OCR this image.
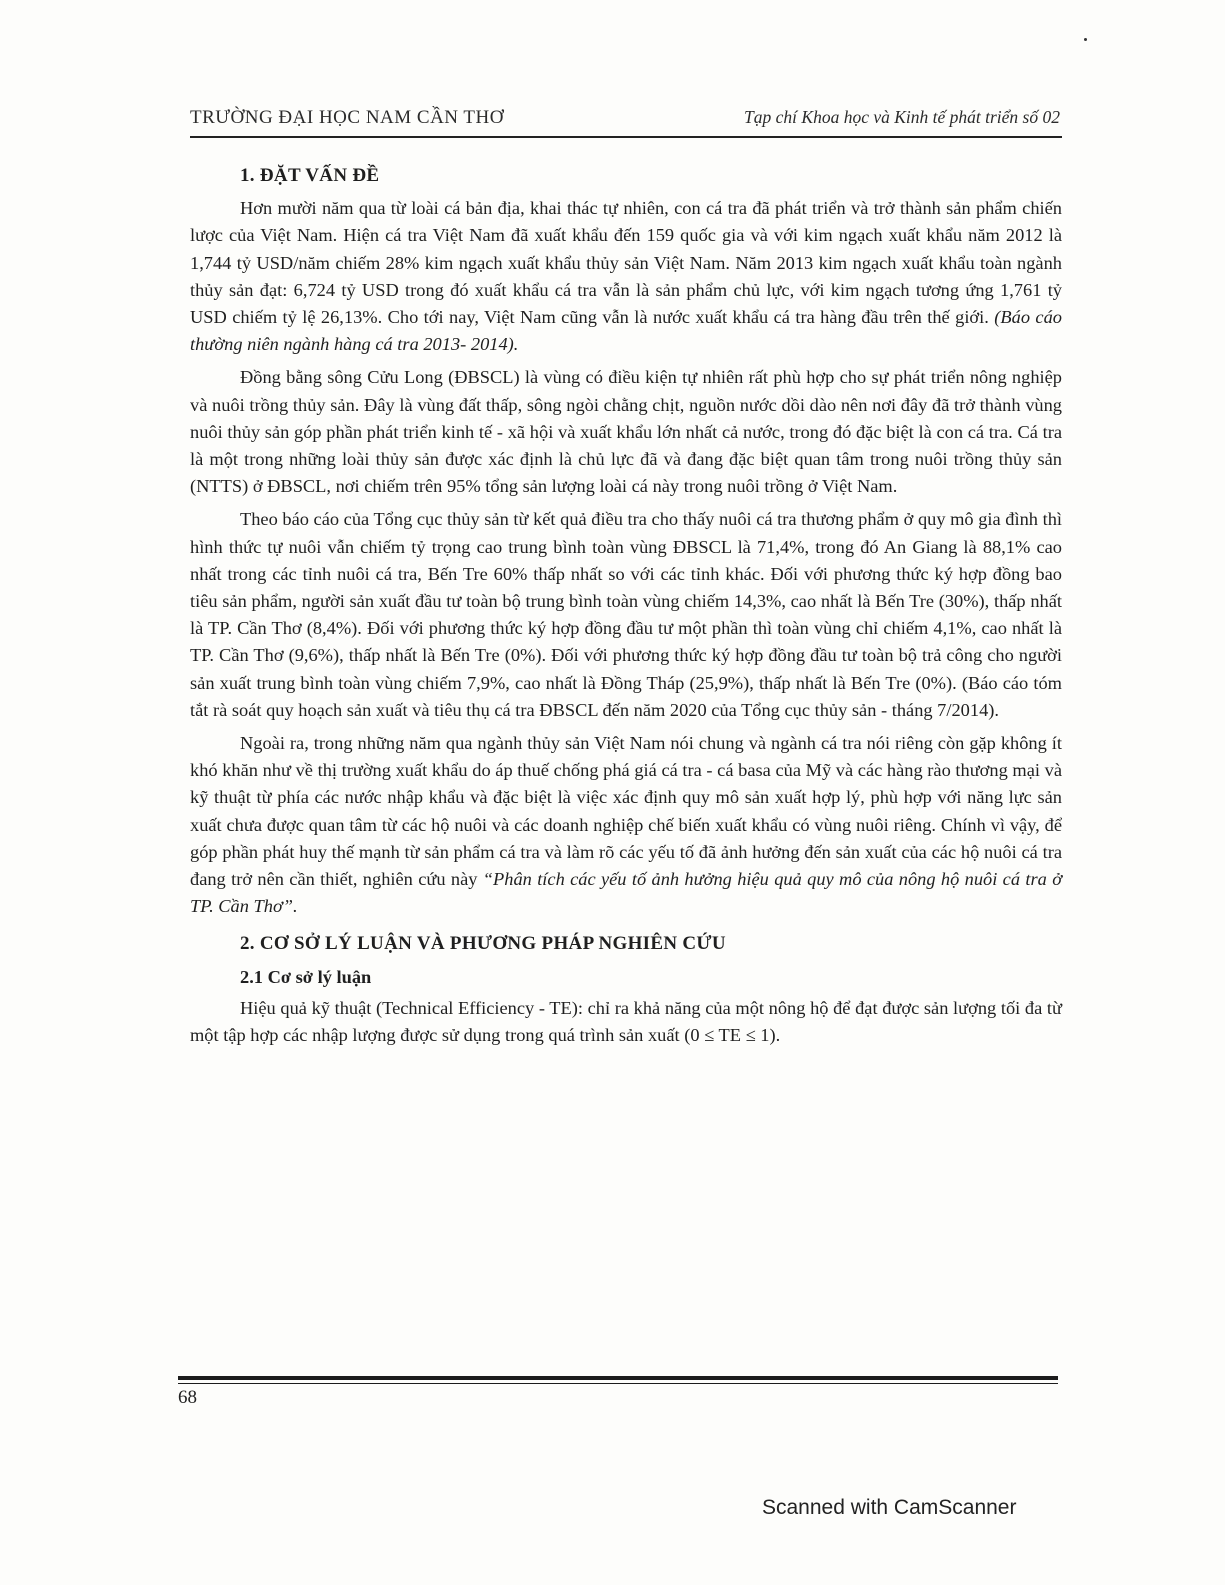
TRƯỜNG ĐẠI HỌC NAM CẦN THƠ	Tạp chí Khoa học và Kinh tế phát triển số 02
1. ĐẶT VẤN ĐỀ

Hơn mười năm qua từ loài cá bản địa, khai thác tự nhiên, con cá tra đã phát triển và trở thành sản phẩm chiến lược của Việt Nam. Hiện cá tra Việt Nam đã xuất khẩu đến 159 quốc gia và với kim ngạch xuất khẩu năm 2012 là 1,744 tỷ USD/năm chiếm 28% kim ngạch xuất khẩu thủy sản Việt Nam. Năm 2013 kim ngạch xuất khẩu toàn ngành thủy sản đạt: 6,724 tỷ USD trong đó xuất khẩu cá tra vẫn là sản phẩm chủ lực, với kim ngạch tương ứng 1,761 tỷ USD chiếm tỷ lệ 26,13%. Cho tới nay, Việt Nam cũng vẫn là nước xuất khẩu cá tra hàng đầu trên thế giới. (Báo cáo thường niên ngành hàng cá tra 2013- 2014).

Đồng bằng sông Cửu Long (ĐBSCL) là vùng có điều kiện tự nhiên rất phù hợp cho sự phát triển nông nghiệp và nuôi trồng thủy sản. Đây là vùng đất thấp, sông ngòi chằng chịt, nguồn nước dồi dào nên nơi đây đã trở thành vùng nuôi thủy sản góp phần phát triển kinh tế - xã hội và xuất khẩu lớn nhất cả nước, trong đó đặc biệt là con cá tra. Cá tra là một trong những loài thủy sản được xác định là chủ lực đã và đang đặc biệt quan tâm trong nuôi trồng thủy sản (NTTS) ở ĐBSCL, nơi chiếm trên 95% tổng sản lượng loài cá này trong nuôi trồng ở Việt Nam.

Theo báo cáo của Tổng cục thủy sản từ kết quả điều tra cho thấy nuôi cá tra thương phẩm ở quy mô gia đình thì hình thức tự nuôi vẫn chiếm tỷ trọng cao trung bình toàn vùng ĐBSCL là 71,4%, trong đó An Giang là 88,1% cao nhất trong các tỉnh nuôi cá tra, Bến Tre 60% thấp nhất so với các tỉnh khác. Đối với phương thức ký hợp đồng bao tiêu sản phẩm, người sản xuất đầu tư toàn bộ trung bình toàn vùng chiếm 14,3%, cao nhất là Bến Tre (30%), thấp nhất là TP. Cần Thơ (8,4%). Đối với phương thức ký hợp đồng đầu tư một phần thì toàn vùng chỉ chiếm 4,1%, cao nhất là TP. Cần Thơ (9,6%), thấp nhất là Bến Tre (0%). Đối với phương thức ký hợp đồng đầu tư toàn bộ trả công cho người sản xuất trung bình toàn vùng chiếm 7,9%, cao nhất là Đồng Tháp (25,9%), thấp nhất là Bến Tre (0%). (Báo cáo tóm tắt rà soát quy hoạch sản xuất và tiêu thụ cá tra ĐBSCL đến năm 2020 của Tổng cục thủy sản - tháng 7/2014).

Ngoài ra, trong những năm qua ngành thủy sản Việt Nam nói chung và ngành cá tra nói riêng còn gặp không ít khó khăn như về thị trường xuất khẩu do áp thuế chống phá giá cá tra - cá basa của Mỹ và các hàng rào thương mại và kỹ thuật từ phía các nước nhập khẩu và đặc biệt là việc xác định quy mô sản xuất hợp lý, phù hợp với năng lực sản xuất chưa được quan tâm từ các hộ nuôi và các doanh nghiệp chế biến xuất khẩu có vùng nuôi riêng. Chính vì vậy, để góp phần phát huy thế mạnh từ sản phẩm cá tra và làm rõ các yếu tố đã ảnh hưởng đến sản xuất của các hộ nuôi cá tra đang trở nên cần thiết, nghiên cứu này “Phân tích các yếu tố ảnh hưởng hiệu quả quy mô của nông hộ nuôi cá tra ở TP. Cần Thơ”.

2. CƠ SỞ LÝ LUẬN VÀ PHƯƠNG PHÁP NGHIÊN CỨU
2.1 Cơ sở lý luận

Hiệu quả kỹ thuật (Technical Efficiency - TE): chỉ ra khả năng của một nông hộ để đạt được sản lượng tối đa từ một tập hợp các nhập lượng được sử dụng trong quá trình sản xuất (0 ≤ TE ≤ 1).

68
Scanned with CamScanner
